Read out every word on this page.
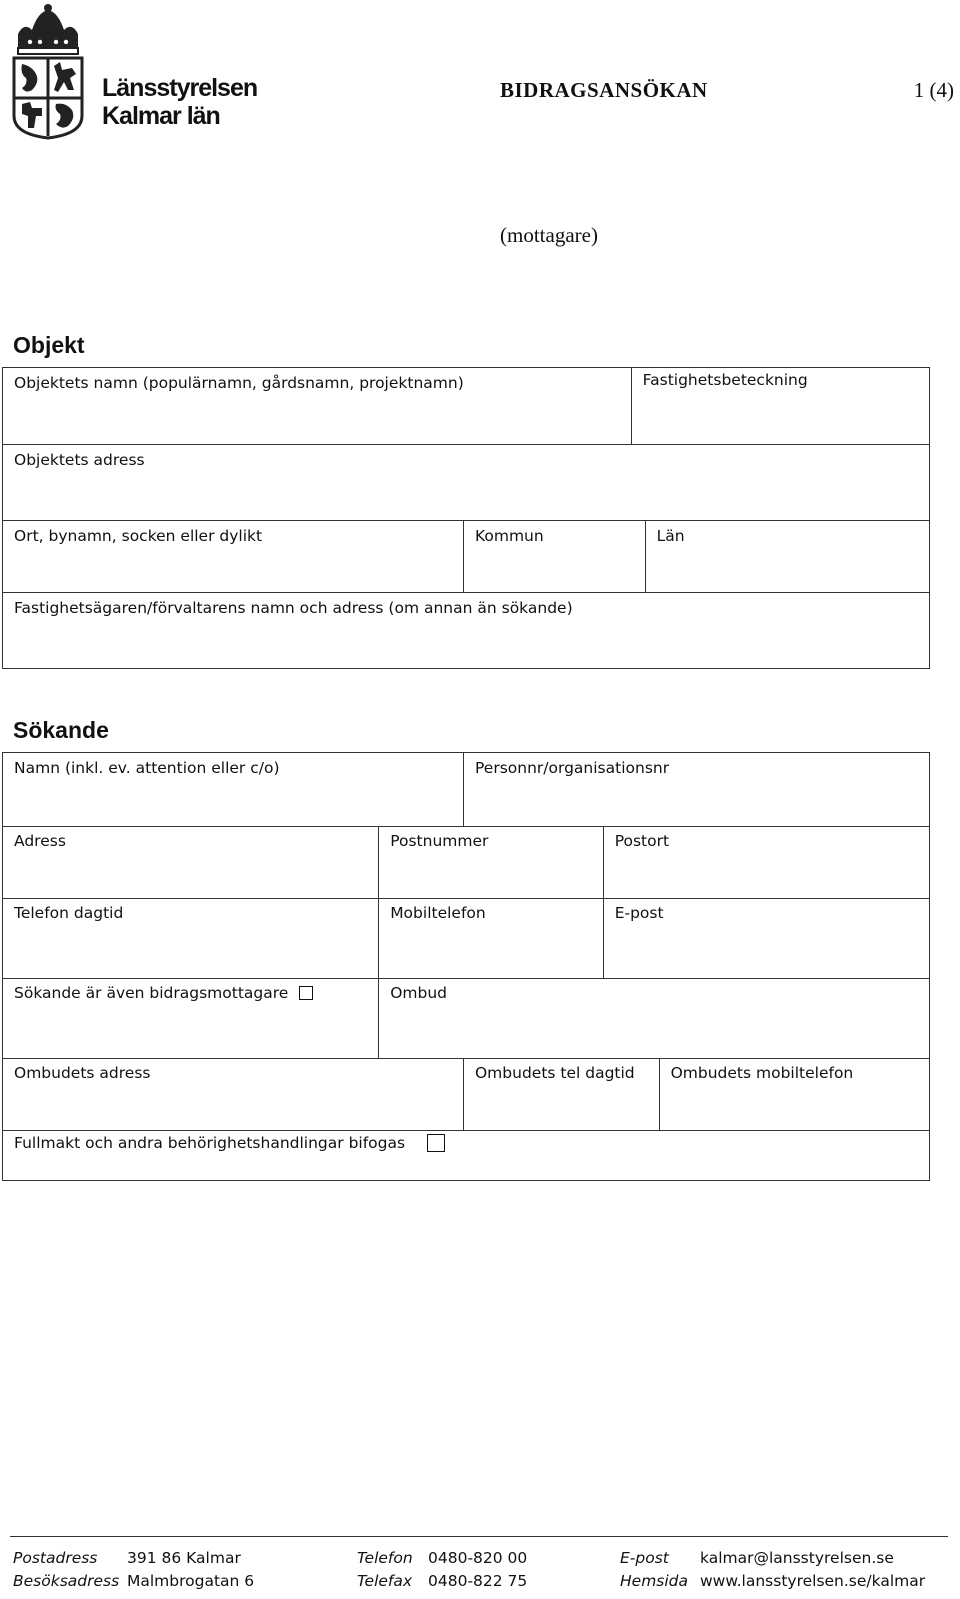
Länsstyrelsen
Kalmar län
BIDRAGSANSÖKAN	1 (4)
(mottagare)
Objekt
Objektets namn (populärnamn, gårdsnamn, projektnamn)	Fastighetsbeteckning
Objektets adress
Ort, bynamn, socken eller dylikt	Kommun	Län
Fastighetsägaren/förvaltarens namn och adress (om annan än sökande)
Sökande
Namn (inkl. ev. attention eller c/o)	Personnr/organisationsnr
Adress	Postnummer	Postort
Telefon dagtid	Mobiltelefon	E-post
Sökande är även bidragsmottagare	Ombud
Ombudets adress	Ombudets tel dagtid	Ombudets mobiltelefon
Fullmakt och andra behörighetshandlingar bifogas
Postadress 391 86 Kalmar	Telefon 0480-820 00	E-post kalmar@lansstyrelsen.se
Besöksadress Malmbrogatan 6	Telefax 0480-822 75	Hemsida www.lansstyrelsen.se/kalmar
